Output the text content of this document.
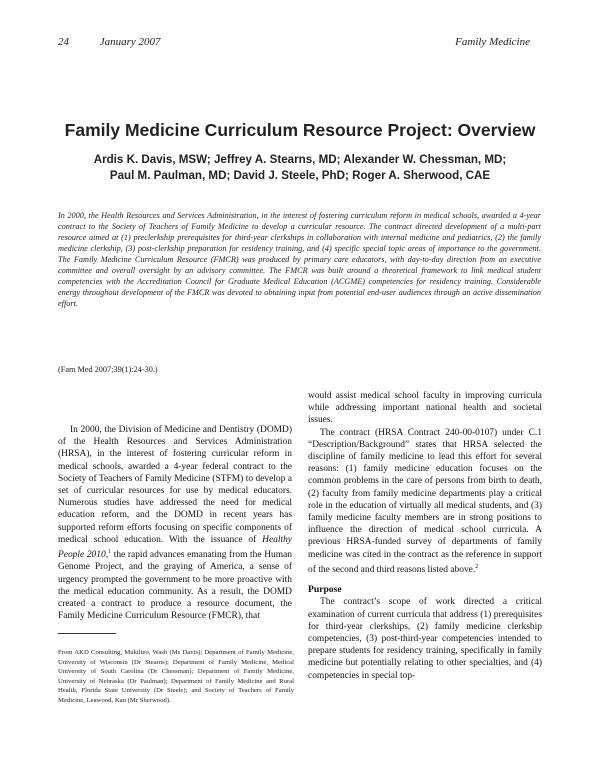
24	January 2007	Family Medicine
Family Medicine Curriculum Resource Project: Overview
Ardis K. Davis, MSW; Jeffrey A. Stearns, MD; Alexander W. Chessman, MD;
Paul M. Paulman, MD; David J. Steele, PhD; Roger A. Sherwood, CAE
In 2000, the Health Resources and Services Administration, in the interest of fostering curriculum reform in medical schools, awarded a 4-year contract to the Society of Teachers of Family Medicine to develop a curricular resource. The contract directed development of a multi-part resource aimed at (1) preclerkship prerequisites for third-year clerkships in collaboration with internal medicine and pediatrics, (2) the family medicine clerkship, (3) post-clerkship preparation for residency training, and (4) specific special topic areas of importance to the government. The Family Medicine Curriculum Resource (FMCR) was produced by primary care educators, with day-to-day direction from an executive committee and overall oversight by an advisory committee. The FMCR was built around a theoretical framework to link medical student competencies with the Accreditation Council for Graduate Medical Education (ACGME) competencies for residency training. Considerable energy throughout development of the FMCR was devoted to obtaining input from potential end-user audiences through an active dissemination effort.
(Fam Med 2007;39(1):24-30.)

In 2000, the Division of Medicine and Dentistry (DOMD) of the Health Resources and Services Administration (HRSA), in the interest of fostering curricular reform in medical schools, awarded a 4-year federal contract to the Society of Teachers of Family Medicine (STFM) to develop a set of curricular resources for use by medical educators. Numerous studies have addressed the need for medical education reform, and the DOMD in recent years has supported reform efforts focusing on specific components of medical school education. With the issuance of Healthy People 2010,$^1$ the rapid advances emanating from the Human Genome Project, and the graying of America, a sense of urgency prompted the government to be more proactive with the medical education community. As a result, the DOMD created a contract to produce a resource document, the Family Medicine Curriculum Resource (FMCR), that

From AKD Consulting, Mukilteo, Wash (Ms Davis); Department of Family Medicine, University of Wisconsin (Dr Stearns); Department of Family Medicine, Medical University of South Carolina (Dr Chessman); Department of Family Medicine, University of Nebraska (Dr Paulman); Department of Family Medicine and Rural Health, Florida State University (Dr Steele); and Society of Teachers of Family Medicine, Leawood, Kan (Mr Sherwood).

would assist medical school faculty in improving curricula while addressing important national health and societal issues.

The contract (HRSA Contract 240-00-0107) under C.1 “Description/Background” states that HRSA selected the discipline of family medicine to lead this effort for several reasons: (1) family medicine education focuses on the common problems in the care of persons from birth to death, (2) faculty from family medicine departments play a critical role in the education of virtually all medical students, and (3) family medicine faculty members are in strong positions to influence the direction of medical school curricula. A previous HRSA-funded survey of departments of family medicine was cited in the contract as the reference in support of the second and third reasons listed above.$^2$

Purpose

The contract’s scope of work directed a critical examination of current curricula that address (1) prerequisites for third-year clerkships, (2) family medicine clerkship competencies, (3) post-third-year competencies intended to prepare students for residency training, specifically in family medicine but potentially relating to other specialties, and (4) competencies in special top-
